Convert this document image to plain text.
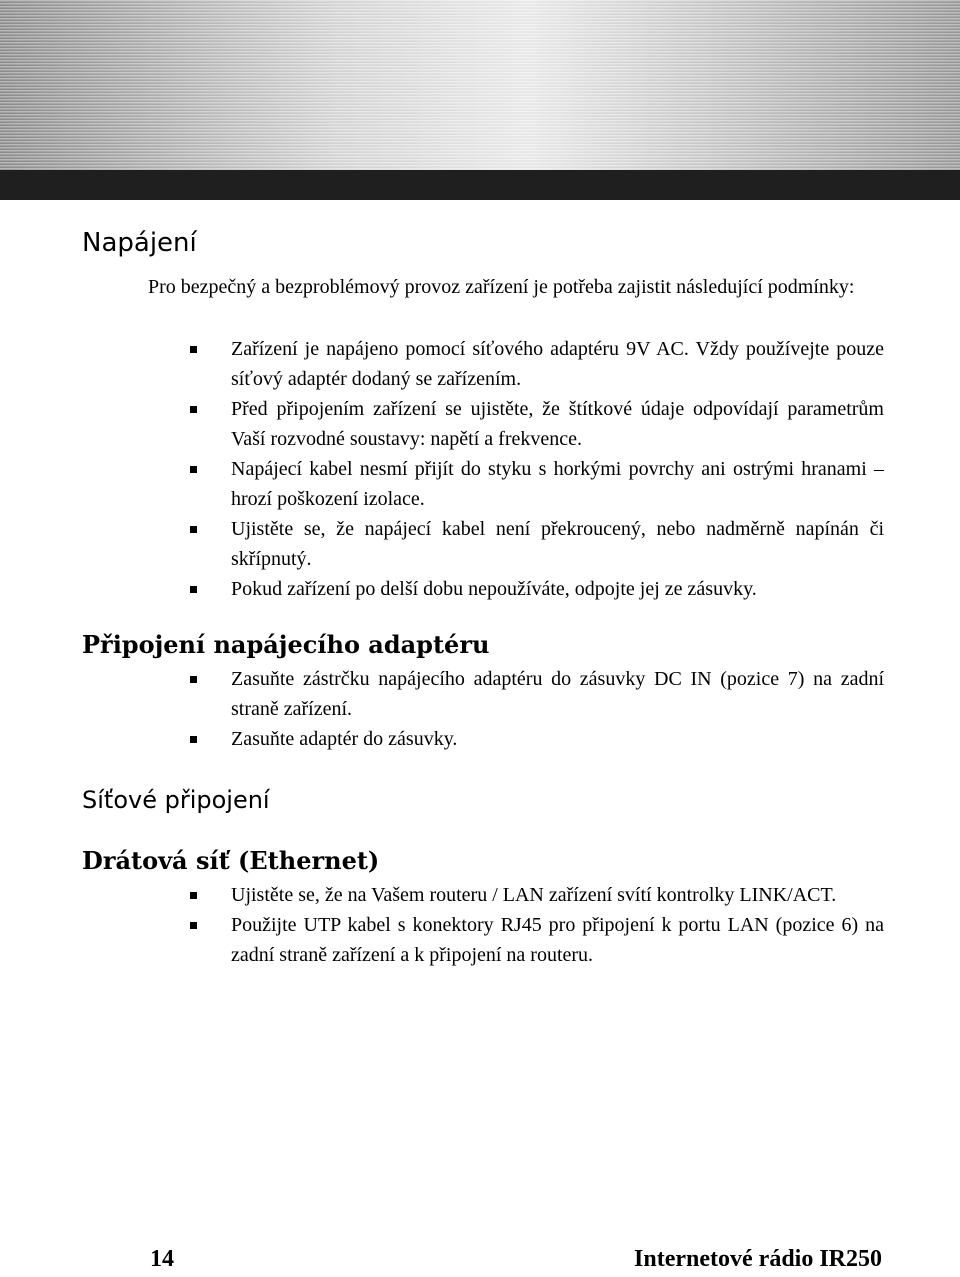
Napájení

Pro bezpečný a bezproblémový provoz zařízení je potřeba zajistit následující podmínky:

Zařízení je napájeno pomocí síťového adaptéru 9V AC. Vždy používejte pouze síťový adaptér dodaný se zařízením.
Před připojením zařízení se ujistěte, že štítkové údaje odpovídají parametrům Vaší rozvodné soustavy: napětí a frekvence.
Napájecí kabel nesmí přijít do styku s horkými povrchy ani ostrými hranami – hrozí poškození izolace.
Ujistěte se, že napájecí kabel není překroucený, nebo nadměrně napínán či skřípnutý.
Pokud zařízení po delší dobu nepoužíváte, odpojte jej ze zásuvky.
Připojení napájecího adaptéru
Zasuňte zástrčku napájecího adaptéru do zásuvky DC IN (pozice 7) na zadní straně zařízení.
Zasuňte adaptér do zásuvky.
Síťové připojení
Drátová síť (Ethernet)
Ujistěte se, že na Vašem routeru / LAN zařízení svítí kontrolky LINK/ACT.
Použijte UTP kabel s konektory RJ45 pro připojení k portu LAN (pozice 6) na zadní straně zařízení a k připojení na routeru.
14	Internetové rádio IR250
